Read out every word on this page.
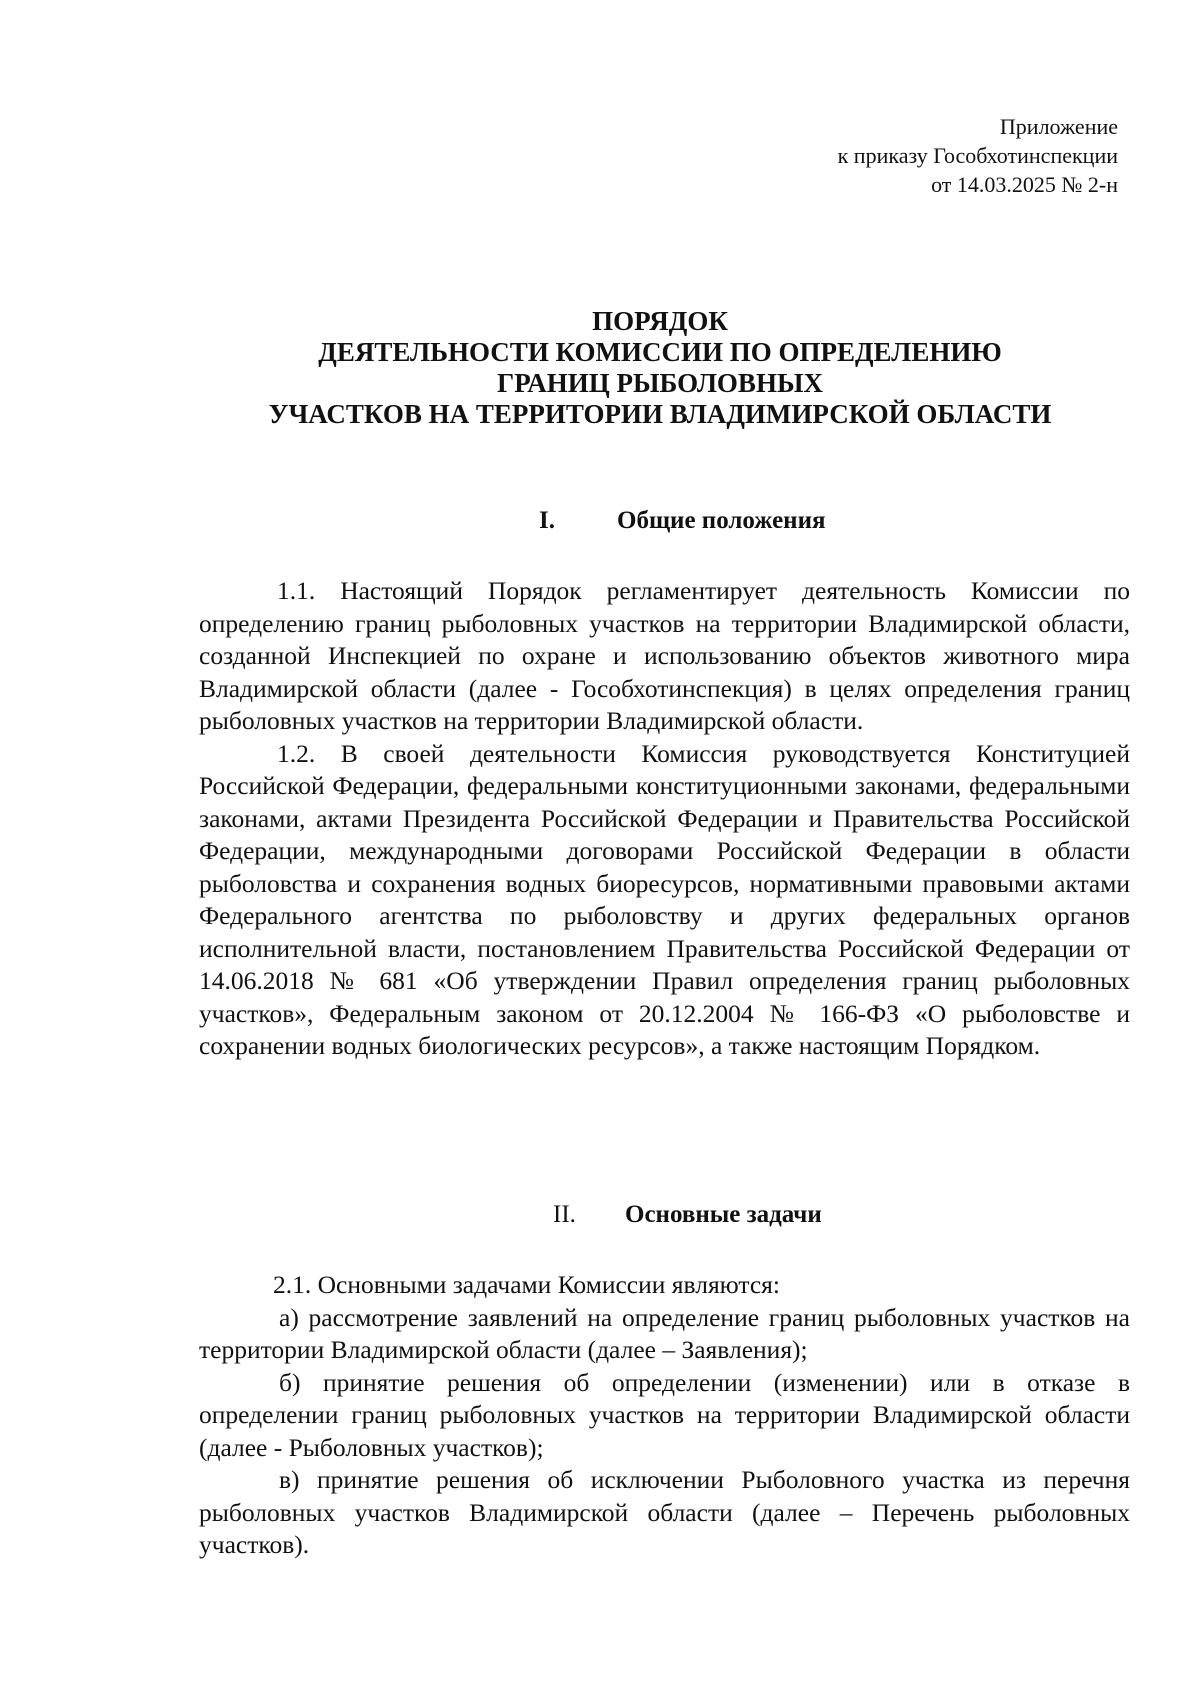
Приложение
к приказу Гособхотинспекции
от 14.03.2025 № 2-н
ПОРЯДОК
ДЕЯТЕЛЬНОСТИ КОМИССИИ ПО ОПРЕДЕЛЕНИЮ
ГРАНИЦ РЫБОЛОВНЫХ
УЧАСТКОВ НА ТЕРРИТОРИИ ВЛАДИМИРСКОЙ ОБЛАСТИ
I. Общие положения

1.1. Настоящий Порядок регламентирует деятельность Комиссии по определению границ рыболовных участков на территории Владимирской области, созданной Инспекцией по охране и использованию объектов животного мира Владимирской области (далее - Гособхотинспекция) в целях определения границ рыболовных участков на территории Владимирской области.

1.2. В своей деятельности Комиссия руководствуется Конституцией Российской Федерации, федеральными конституционными законами, федеральными законами, актами Президента Российской Федерации и Правительства Российской Федерации, международными договорами Российской Федерации в области рыболовства и сохранения водных биоресурсов, нормативными правовыми актами Федерального агентства по рыболовству и других федеральных органов исполнительной власти, постановлением Правительства Российской Федерации от 14.06.2018 № 681 «Об утверждении Правил определения границ рыболовных участков», Федеральным законом от 20.12.2004 № 166-ФЗ «О рыболовстве и сохранении водных биологических ресурсов», а также настоящим Порядком.

II. Основные задачи

2.1. Основными задачами Комиссии являются:

а) рассмотрение заявлений на определение границ рыболовных участков на территории Владимирской области (далее – Заявления);

б) принятие решения об определении (изменении) или в отказе в определении границ рыболовных участков на территории Владимирской области (далее - Рыболовных участков);

в) принятие решения об исключении Рыболовного участка из перечня рыболовных участков Владимирской области (далее – Перечень рыболовных участков).
